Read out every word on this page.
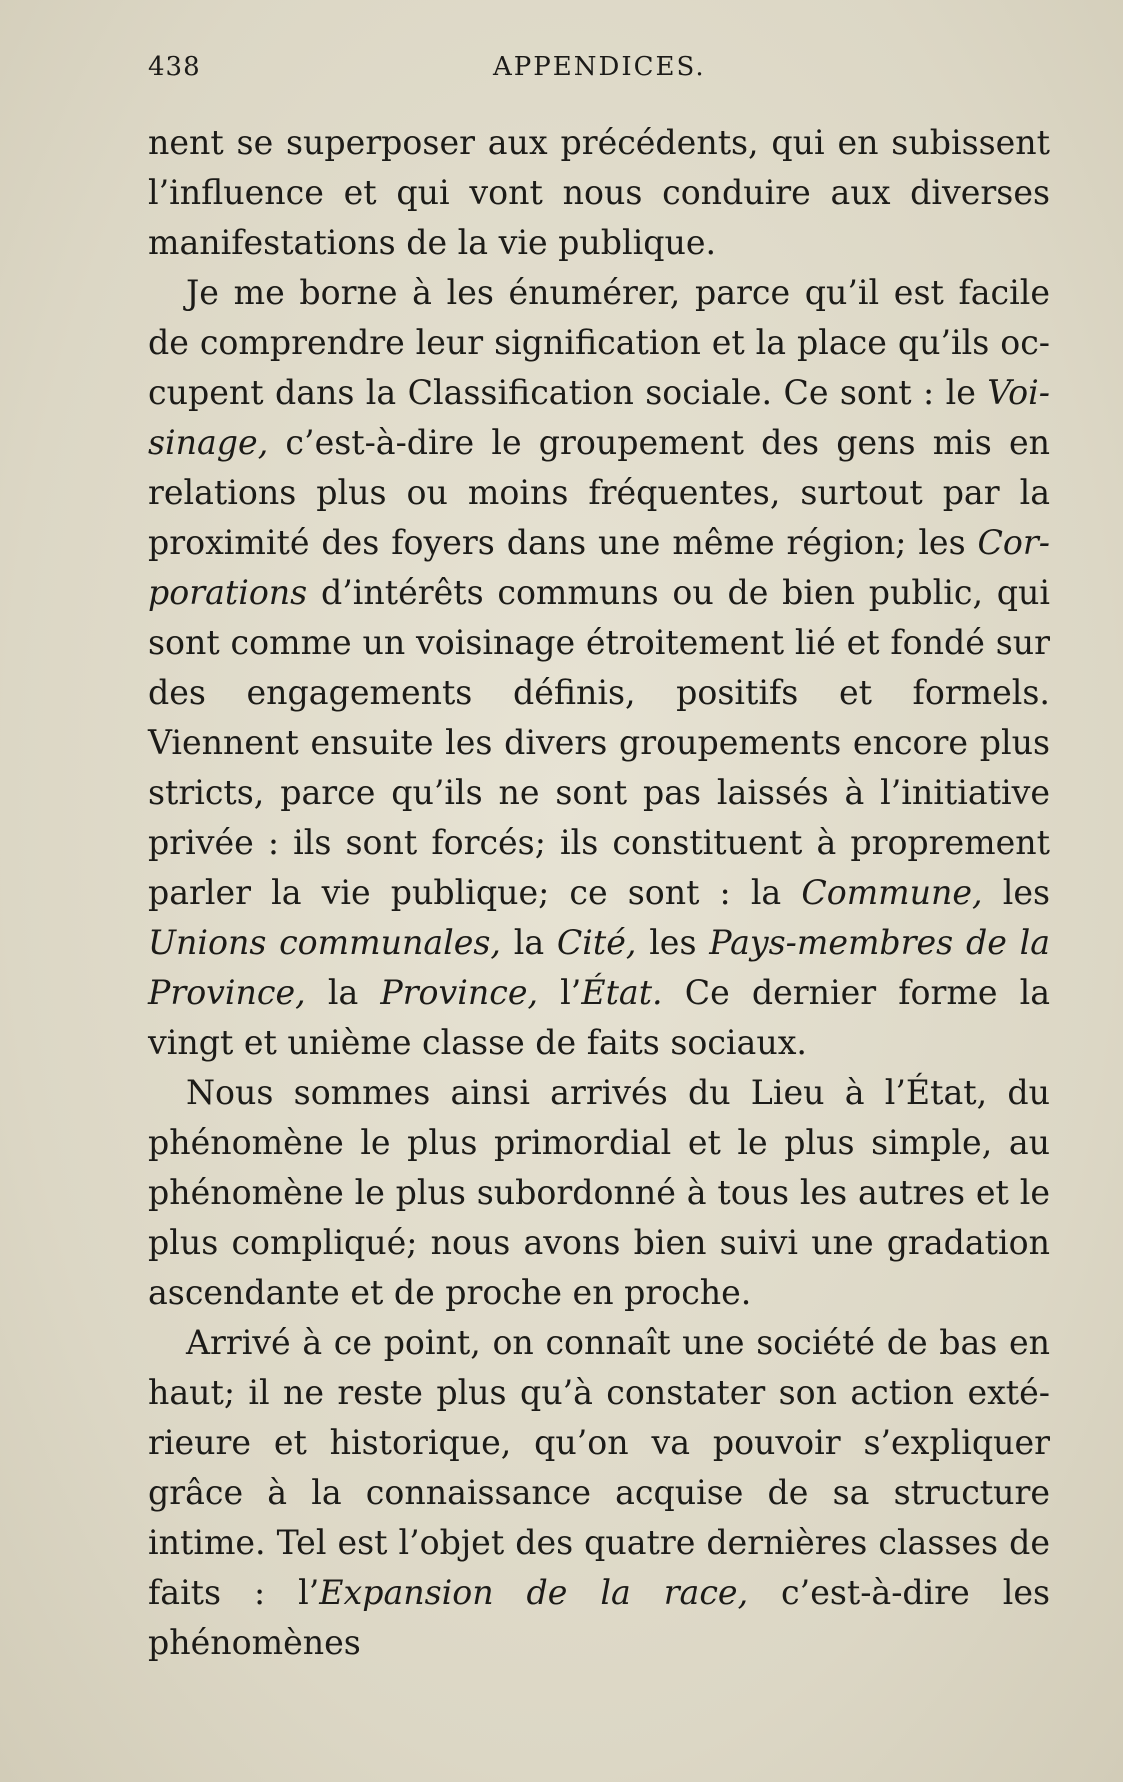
438	APPENDICES.

nent se superposer aux précédents, qui en subissent l’influence et qui vont nous conduire aux diverses manifestations de la vie publique.

Je me borne à les énumérer, parce qu’il est facile de comprendre leur signification et la place qu’ils occupent dans la Classification sociale. Ce sont : le Voisinage, c’est-à-dire le groupement des gens mis en relations plus ou moins fréquentes, surtout par la proximité des foyers dans une même région; les Corporations d’intérêts communs ou de bien public, qui sont comme un voisinage étroitement lié et fondé sur des engagements définis, positifs et formels. Viennent ensuite les divers groupements encore plus stricts, parce qu’ils ne sont pas laissés à l’initiative privée : ils sont forcés; ils constituent à proprement parler la vie publique; ce sont : la Commune, les Unions communales, la Cité, les Pays-membres de la Province, la Province, l’État. Ce dernier forme la vingt et unième classe de faits sociaux.

Nous sommes ainsi arrivés du Lieu à l’État, du phénomène le plus primordial et le plus simple, au phénomène le plus subordonné à tous les autres et le plus compliqué; nous avons bien suivi une gradation ascendante et de proche en proche.

Arrivé à ce point, on connaît une société de bas en haut; il ne reste plus qu’à constater son action extérieure et historique, qu’on va pouvoir s’expliquer grâce à la connaissance acquise de sa structure intime. Tel est l’objet des quatre dernières classes de faits : l’Expansion de la race, c’est-à-dire les phénomènes
